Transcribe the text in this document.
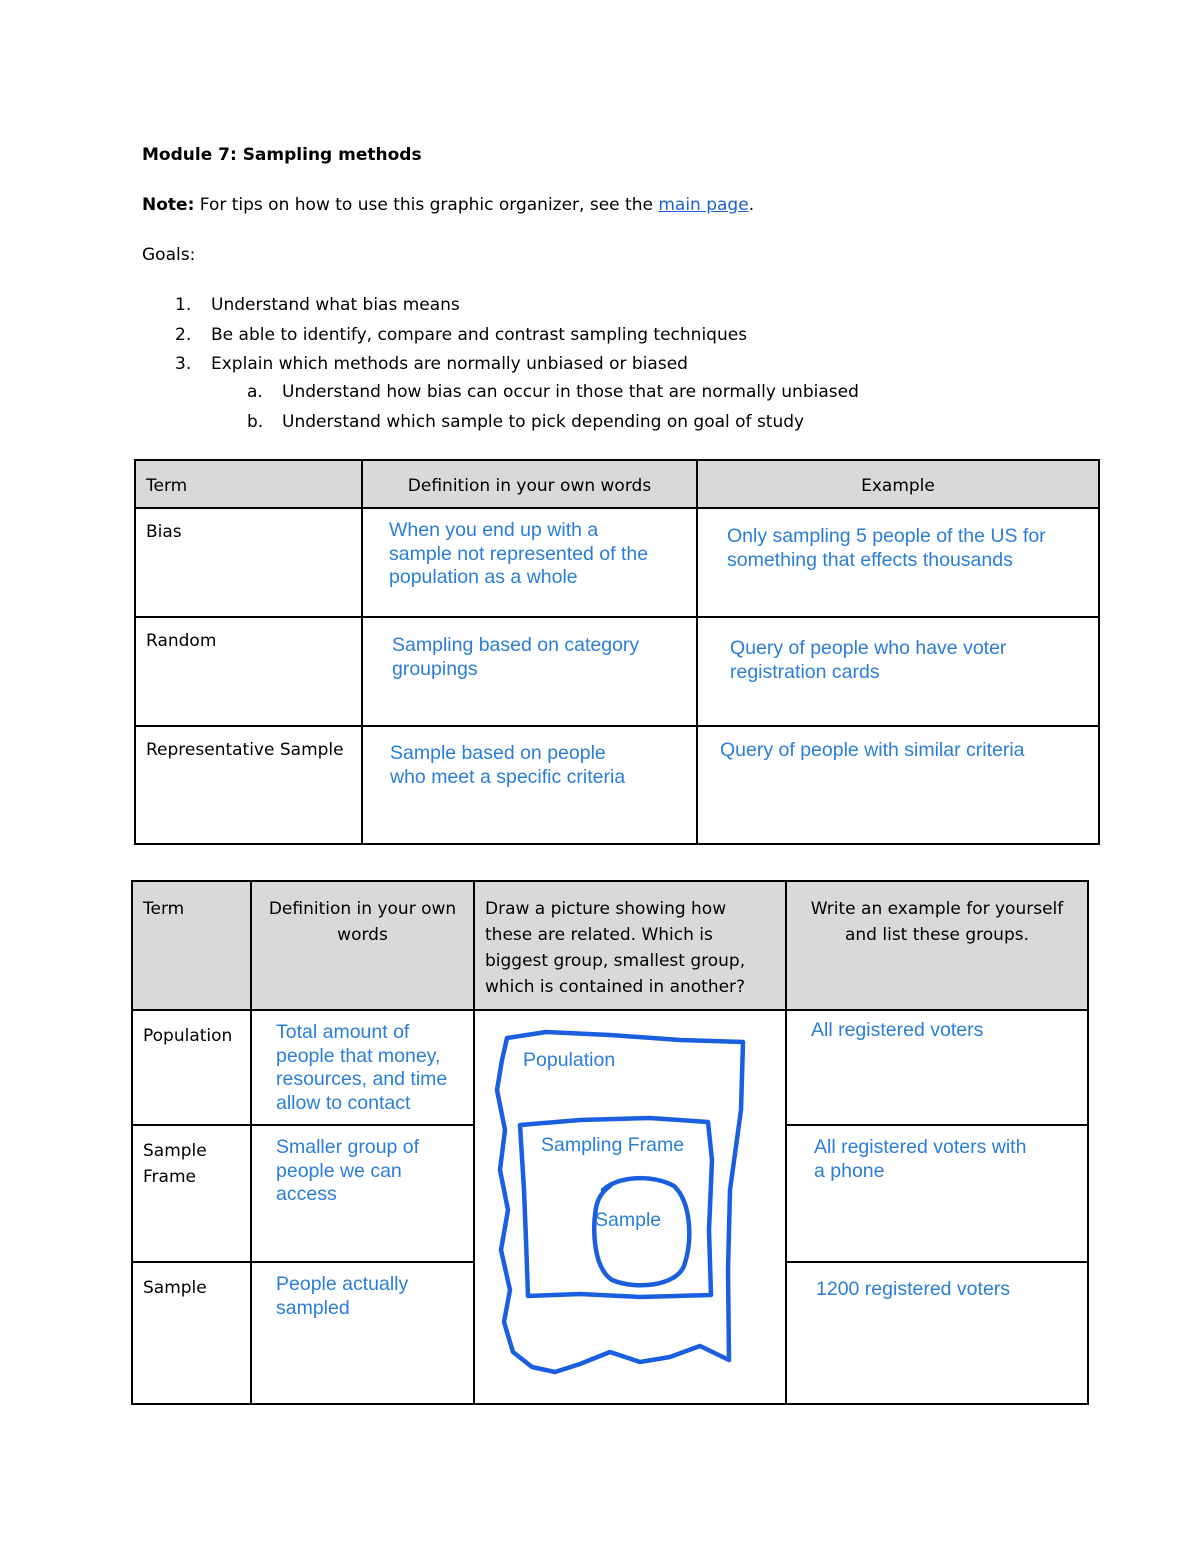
Module 7: Sampling methods
Note: For tips on how to use this graphic organizer, see the main page.
Goals:
1. Understand what bias means
2. Be able to identify, compare and contrast sampling techniques
3. Explain which methods are normally unbiased or biased
a. Understand how bias can occur in those that are normally unbiased
b. Understand which sample to pick depending on goal of study
Term	Definition in your own words	Example

Bias	When you end up with a
sample not represented of the
population as a whole	Only sampling 5 people of the US for
something that effects thousands

Random	Sampling based on category
groupings	Query of people who have voter
registration cards

Representative Sample	Sample based on people
who meet a specific criteria	Query of people with similar criteria
Term	Definition in your own words	Draw a picture showing how these are related. Which is biggest group, smallest group, which is contained in another?	Write an example for yourself and list these groups.

Population	Total amount of
people that money,
resources, and time
allow to contact		All registered voters

Sample Frame	Smaller group of
people we can
access		All registered voters with
a phone

Sample	People actually
sampled		1200 registered voters
Population
Sampling Frame
Sample
